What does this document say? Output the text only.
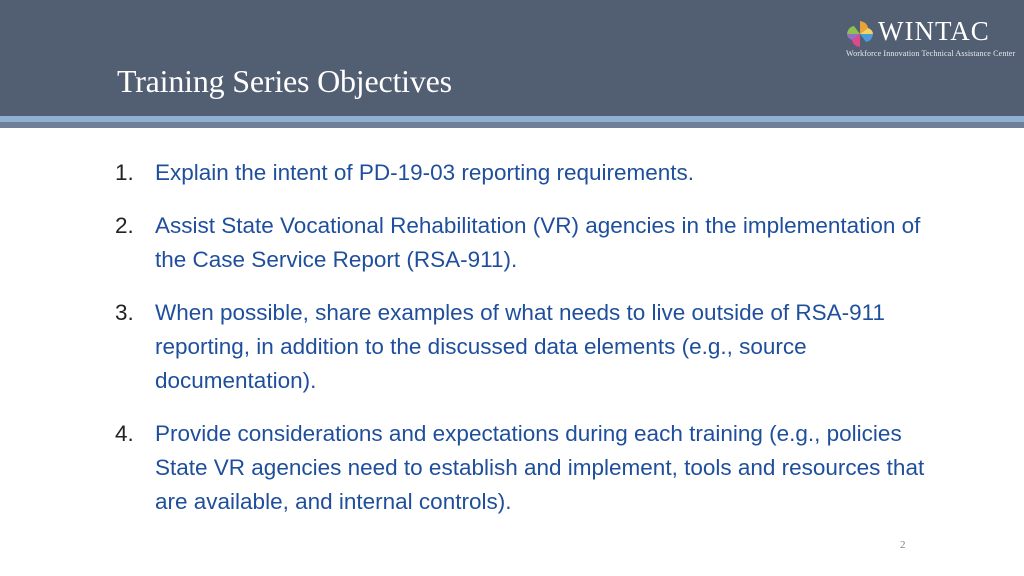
Training Series Objectives
WINTAC
Workforce Innovation Technical Assistance Center
1. Explain the intent of PD-19-03 reporting requirements.
2. Assist State Vocational Rehabilitation (VR) agencies in the implementation of the Case Service Report (RSA-911).
3. When possible, share examples of what needs to live outside of RSA-911 reporting, in addition to the discussed data elements (e.g., source documentation).
4. Provide considerations and expectations during each training (e.g., policies State VR agencies need to establish and implement, tools and resources that are available, and internal controls).
2
